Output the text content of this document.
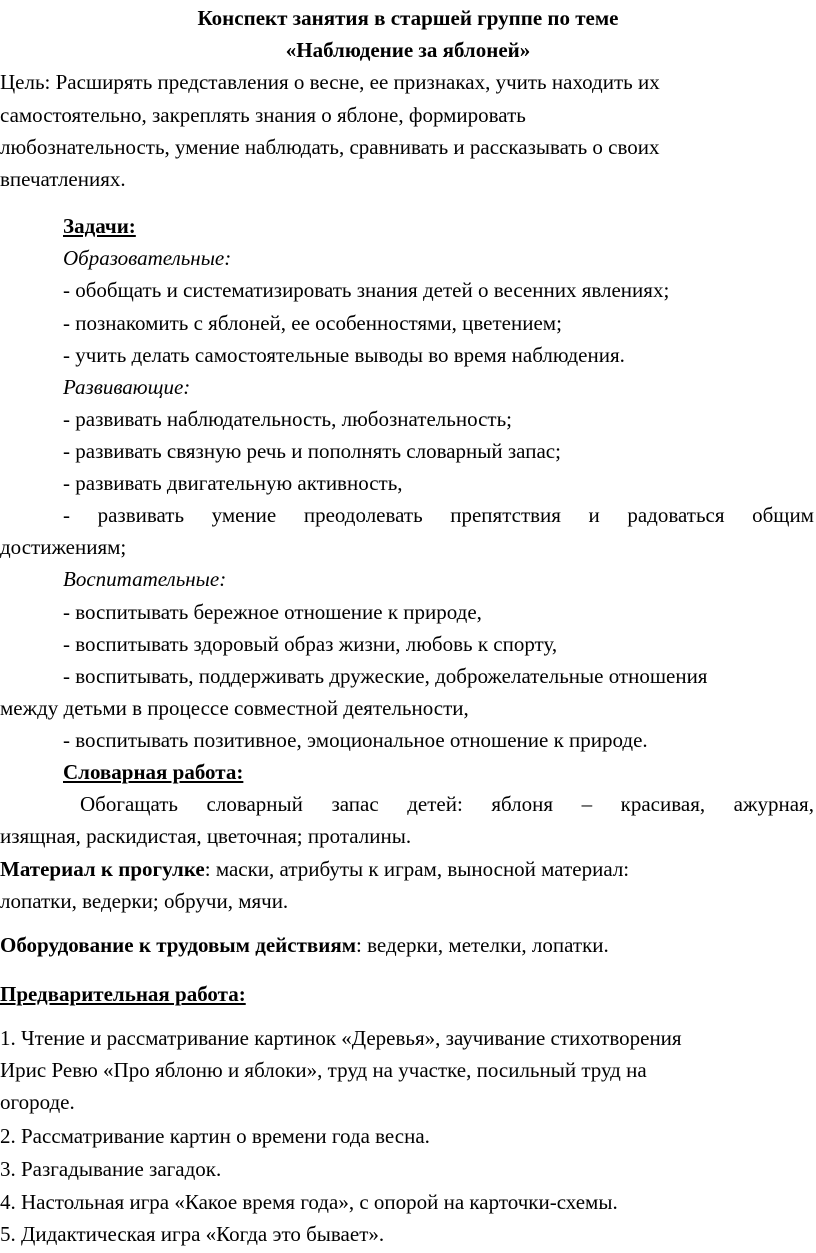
Конспект занятия в старшей группе по теме
«Наблюдение за яблоней»
Цель: Расширять представления о весне, ее признаках, учить находить их
самостоятельно, закреплять знания о яблоне, формировать
любознательность, умение наблюдать, сравнивать и рассказывать о своих
впечатлениях.
Задачи:
Образовательные:
- обобщать и систематизировать знания детей о весенних явлениях;
- познакомить с яблоней, ее особенностями, цветением;
- учить делать самостоятельные выводы во время наблюдения.
Развивающие:
- развивать наблюдательность, любознательность;
- развивать связную речь и пополнять словарный запас;
- развивать двигательную активность,
- развивать умение преодолевать препятствия и радоваться общим
достижениям;
Воспитательные:
- воспитывать бережное отношение к природе,
- воспитывать здоровый образ жизни, любовь к спорту,
- воспитывать, поддерживать дружеские, доброжелательные отношения
между детьми в процессе совместной деятельности,
- воспитывать позитивное, эмоциональное отношение к природе.
Словарная работа:
Обогащать словарный запас детей: яблоня – красивая, ажурная,
изящная, раскидистая, цветочная; проталины.
Материал к прогулке: маски, атрибуты к играм, выносной материал:
лопатки, ведерки; обручи, мячи.
Оборудование к трудовым действиям: ведерки, метелки, лопатки.
Предварительная работа:
1. Чтение и рассматривание картинок «Деревья», заучивание стихотворения
Ирис Ревю «Про яблоню и яблоки», труд на участке, посильный труд на
огороде.
2. Рассматривание картин о времени года весна.
3. Разгадывание загадок.
4. Настольная игра «Какое время года», с опорой на карточки-схемы.
5. Дидактическая игра «Когда это бывает».
